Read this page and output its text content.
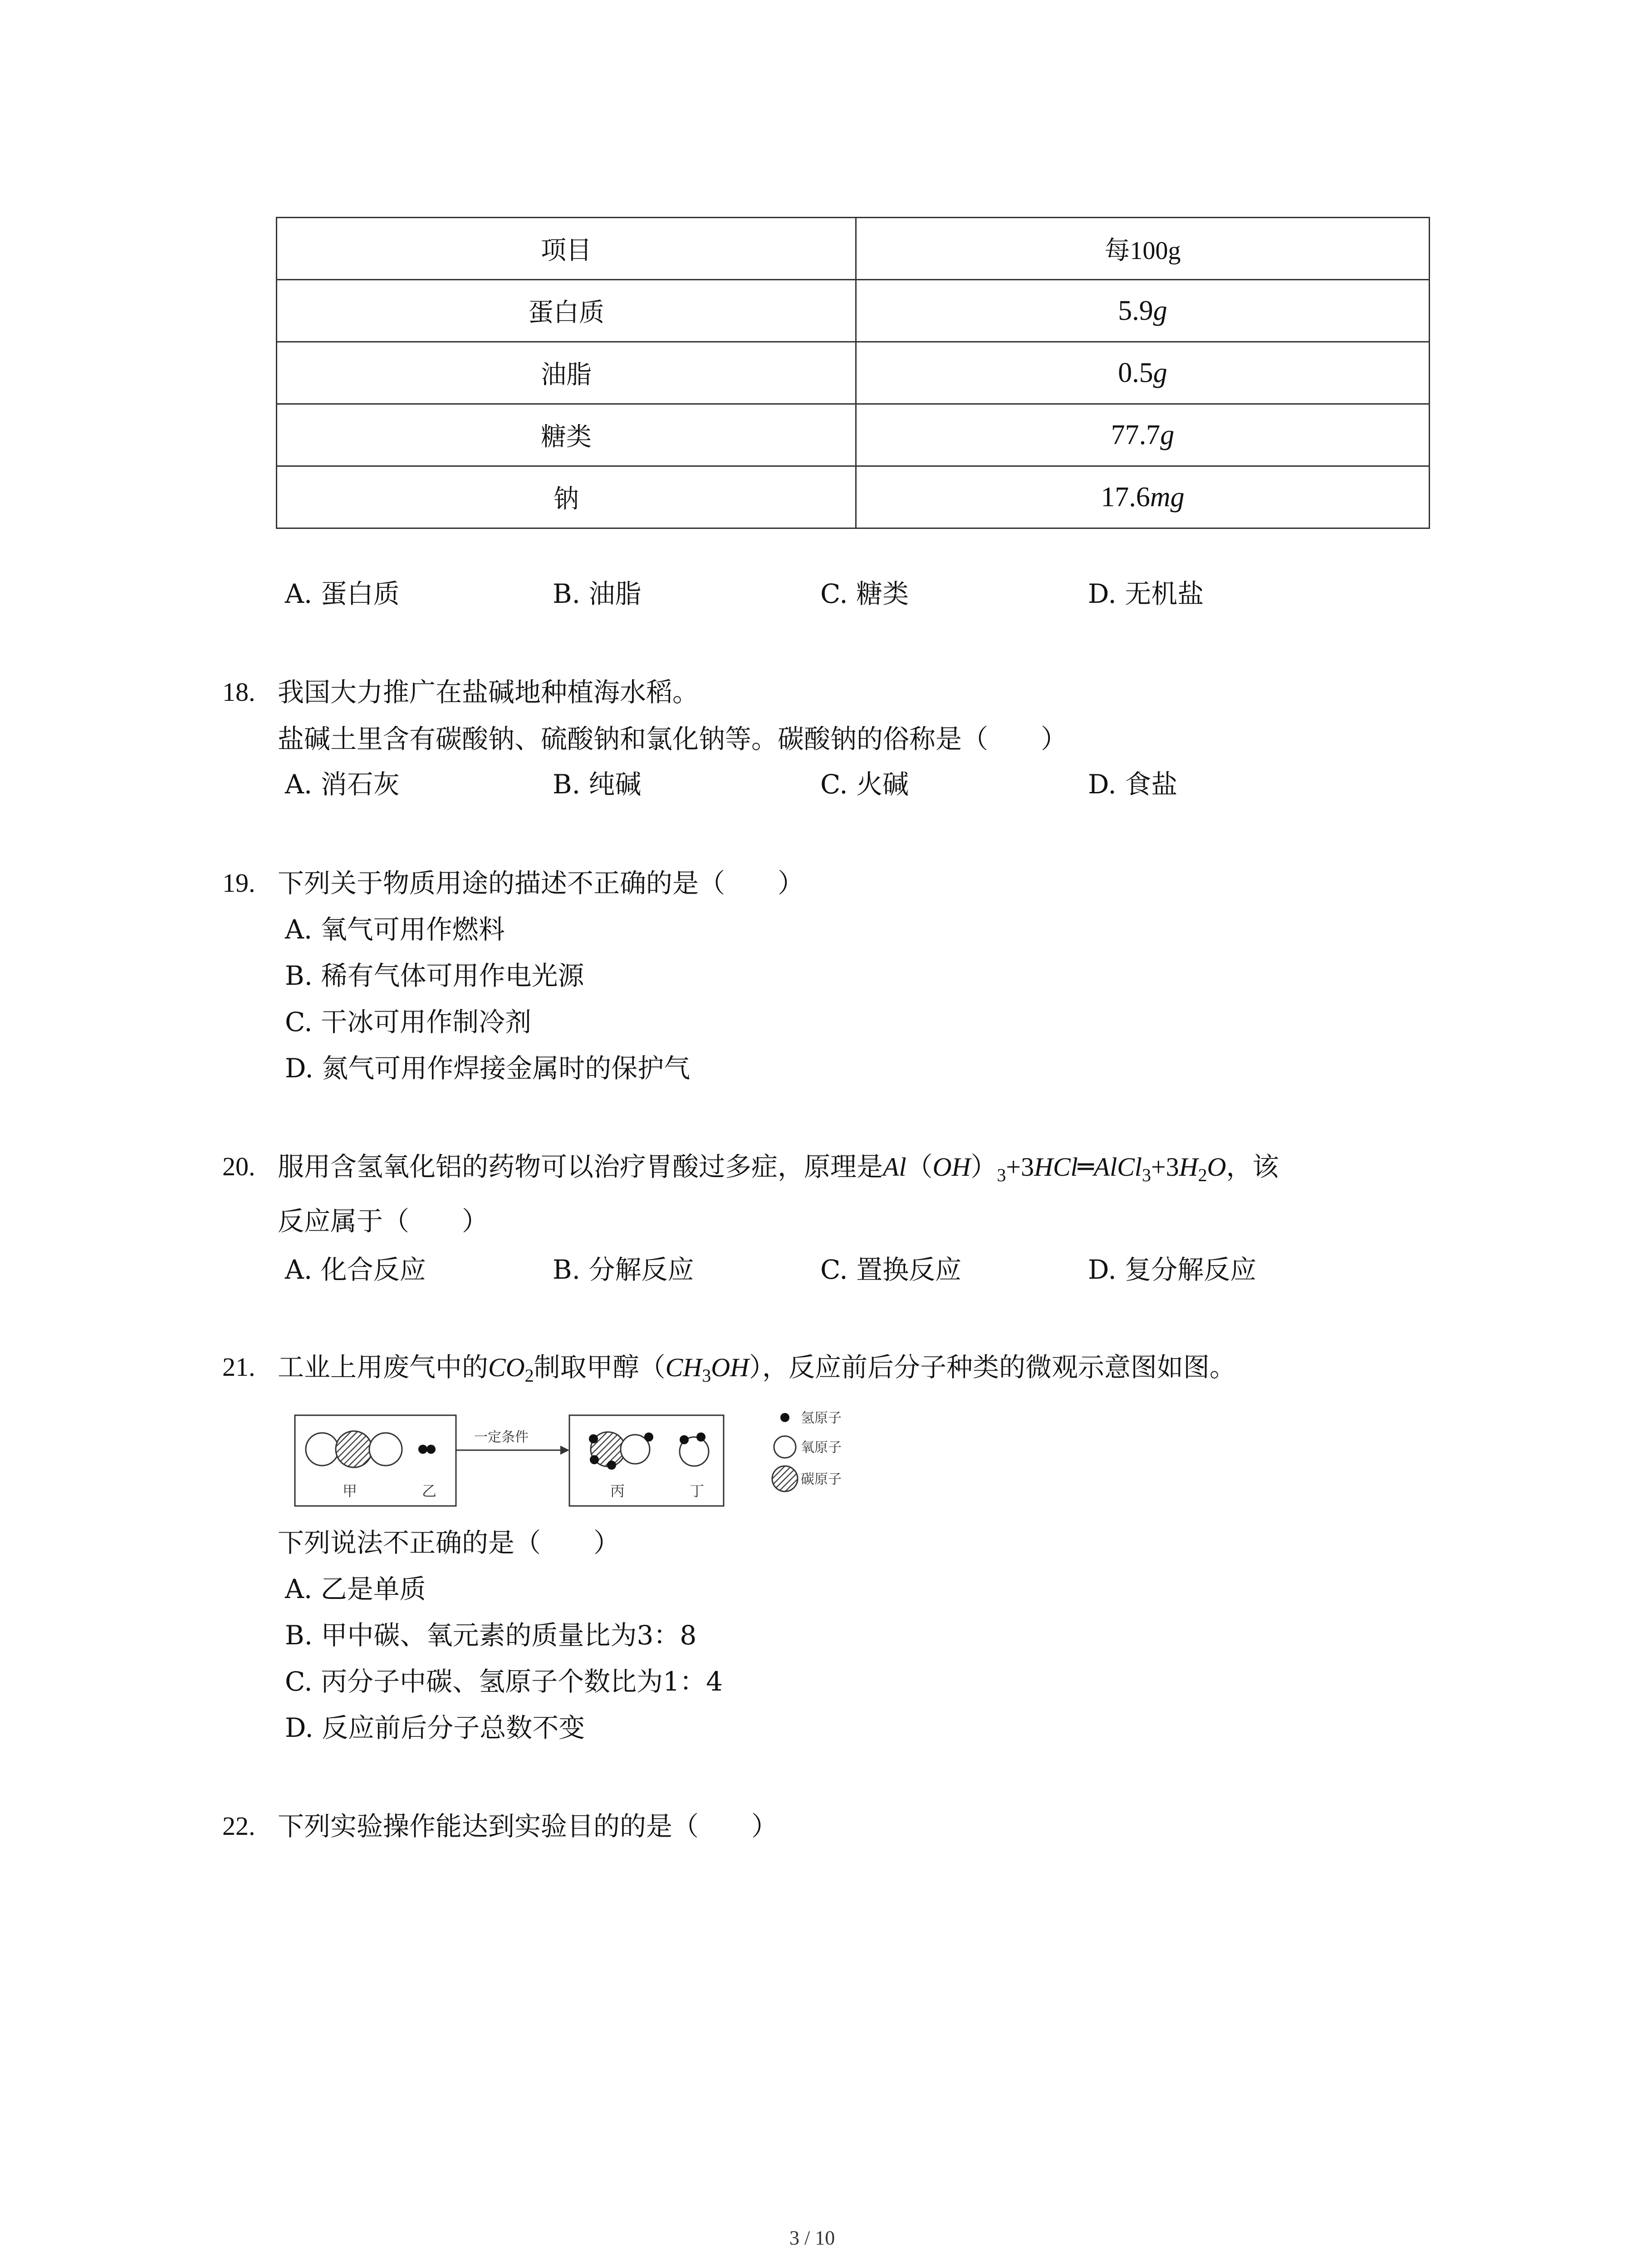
项目	每100g
蛋白质	5.9g
油脂	0.5g
糖类	77.7g
钠	17.6mg
A. 蛋白质	B. 油脂	C. 糖类	D. 无机盐
18. 我国大力推广在盐碱地种植海水稻。
盐碱土里含有碳酸钠、硫酸钠和氯化钠等。碳酸钠的俗称是（　　）
A. 消石灰	B. 纯碱	C. 火碱	D. 食盐
19. 下列关于物质用途的描述不正确的是（　　）
A. 氧气可用作燃料
B. 稀有气体可用作电光源
C. 干冰可用作制冷剂
D. 氮气可用作焊接金属时的保护气
20. 服用含氢氧化铝的药物可以治疗胃酸过多症，原理是$Al(OH)_3+3HCl═AlCl_3+3H_2O$，该
反应属于（　　）
A. 化合反应	B. 分解反应	C. 置换反应	D. 复分解反应
21. 工业上用废气中的$CO_2$制取甲醇$(CH_3OH)$，反应前后分子种类的微观示意图如图。
甲	乙
一定条件
丙	丁
氢原子
氧原子
碳原子
下列说法不正确的是（　　）
A. 乙是单质
B. 甲中碳、氧元素的质量比为3：8
C. 丙分子中碳、氢原子个数比为1：4
D. 反应前后分子总数不变
22. 下列实验操作能达到实验目的的是（　　）
3 / 10
